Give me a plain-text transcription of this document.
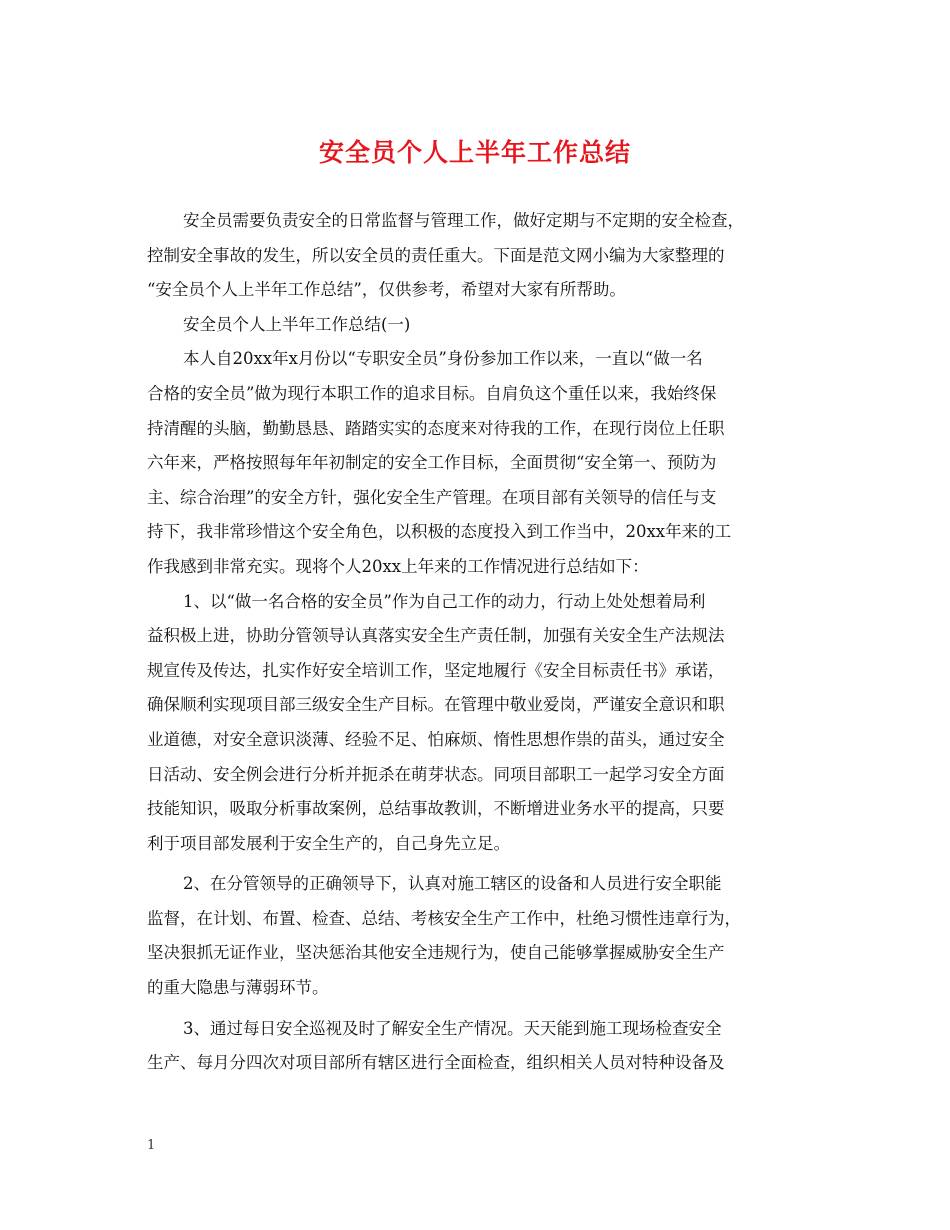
安全员个人上半年工作总结
安全员需要负责安全的日常监督与管理工作，做好定期与不定期的安全检查，
控制安全事故的发生，所以安全员的责任重大。下面是范文网小编为大家整理的
“安全员个人上半年工作总结”，仅供参考，希望对大家有所帮助。
安全员个人上半年工作总结(一)
本人自20xx年x月份以“专职安全员”身份参加工作以来，一直以“做一名
合格的安全员”做为现行本职工作的追求目标。自肩负这个重任以来，我始终保
持清醒的头脑，勤勤恳恳、踏踏实实的态度来对待我的工作，在现行岗位上任职
六年来，严格按照每年年初制定的安全工作目标，全面贯彻“安全第一、预防为
主、综合治理”的安全方针，强化安全生产管理。在项目部有关领导的信任与支
持下，我非常珍惜这个安全角色，以积极的态度投入到工作当中，20xx年来的工
作我感到非常充实。现将个人20xx上年来的工作情况进行总结如下：
1、以“做一名合格的安全员”作为自己工作的动力，行动上处处想着局利
益积极上进，协助分管领导认真落实安全生产责任制，加强有关安全生产法规法
规宣传及传达，扎实作好安全培训工作，坚定地履行《安全目标责任书》承诺，
确保顺利实现项目部三级安全生产目标。在管理中敬业爱岗，严谨安全意识和职
业道德，对安全意识淡薄、经验不足、怕麻烦、惰性思想作祟的苗头，通过安全
日活动、安全例会进行分析并扼杀在萌芽状态。同项目部职工一起学习安全方面
技能知识，吸取分析事故案例，总结事故教训，不断增进业务水平的提高，只要
利于项目部发展利于安全生产的，自己身先立足。
2、在分管领导的正确领导下，认真对施工辖区的设备和人员进行安全职能
监督，在计划、布置、检查、总结、考核安全生产工作中，杜绝习惯性违章行为，
坚决狠抓无证作业，坚决惩治其他安全违规行为，使自己能够掌握威胁安全生产
的重大隐患与薄弱环节。
3、通过每日安全巡视及时了解安全生产情况。天天能到施工现场检查安全
生产、每月分四次对项目部所有辖区进行全面检查，组织相关人员对特种设备及
1
